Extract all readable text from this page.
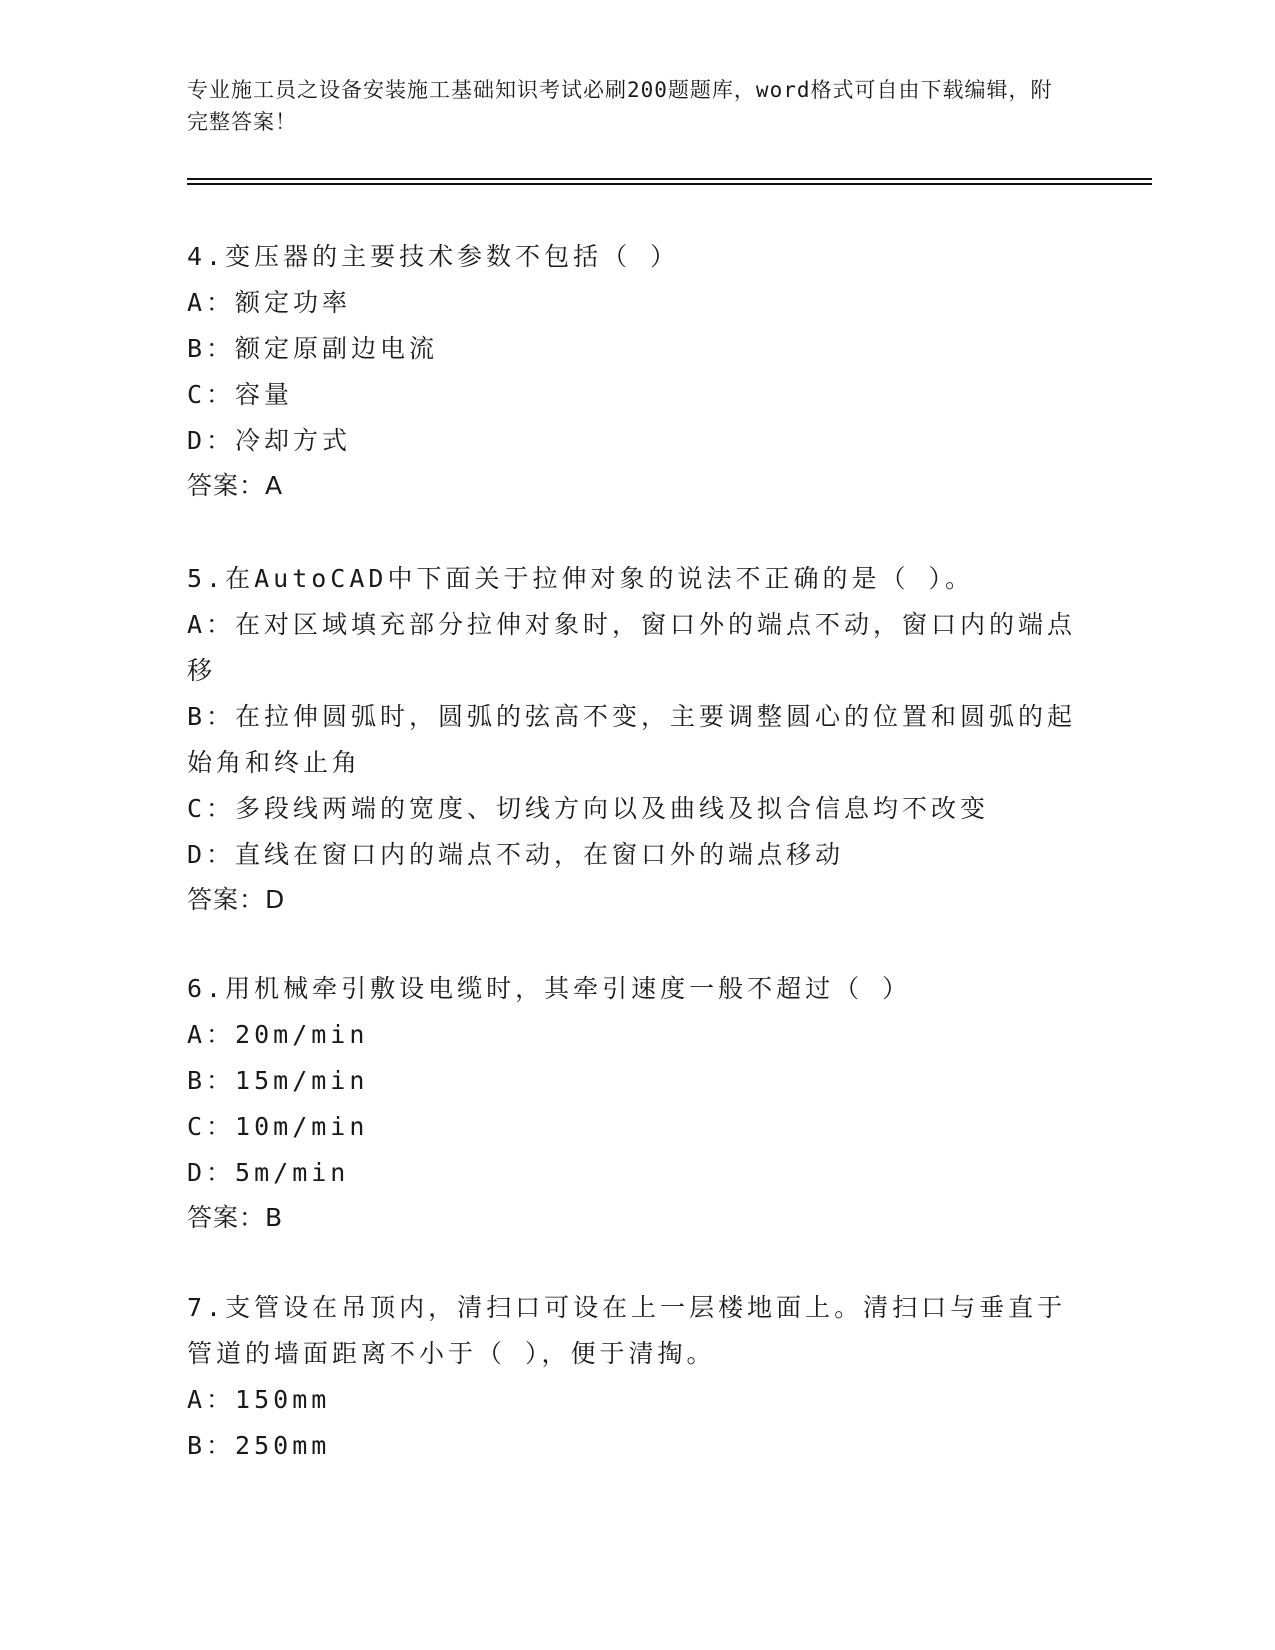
专业施工员之设备安装施工基础知识考试必刷200题题库，word格式可自由下载编辑，附完整答案！
4.变压器的主要技术参数不包括（ ）
A：额定功率
B：额定原副边电流
C：容量
D：冷却方式
答案：A
5.在AutoCAD中下面关于拉伸对象的说法不正确的是（ ）。
A：在对区域填充部分拉伸对象时，窗口外的端点不动，窗口内的端点移
B：在拉伸圆弧时，圆弧的弦高不变，主要调整圆心的位置和圆弧的起始角和终止角
C：多段线两端的宽度、切线方向以及曲线及拟合信息均不改变
D：直线在窗口内的端点不动，在窗口外的端点移动
答案：D
6.用机械牵引敷设电缆时，其牵引速度一般不超过（ ）
A：20m/min
B：15m/min
C：10m/min
D：5m/min
答案：B
7.支管设在吊顶内，清扫口可设在上一层楼地面上。清扫口与垂直于管道的墙面距离不小于（ ），便于清掏。
A：150mm
B：250mm
